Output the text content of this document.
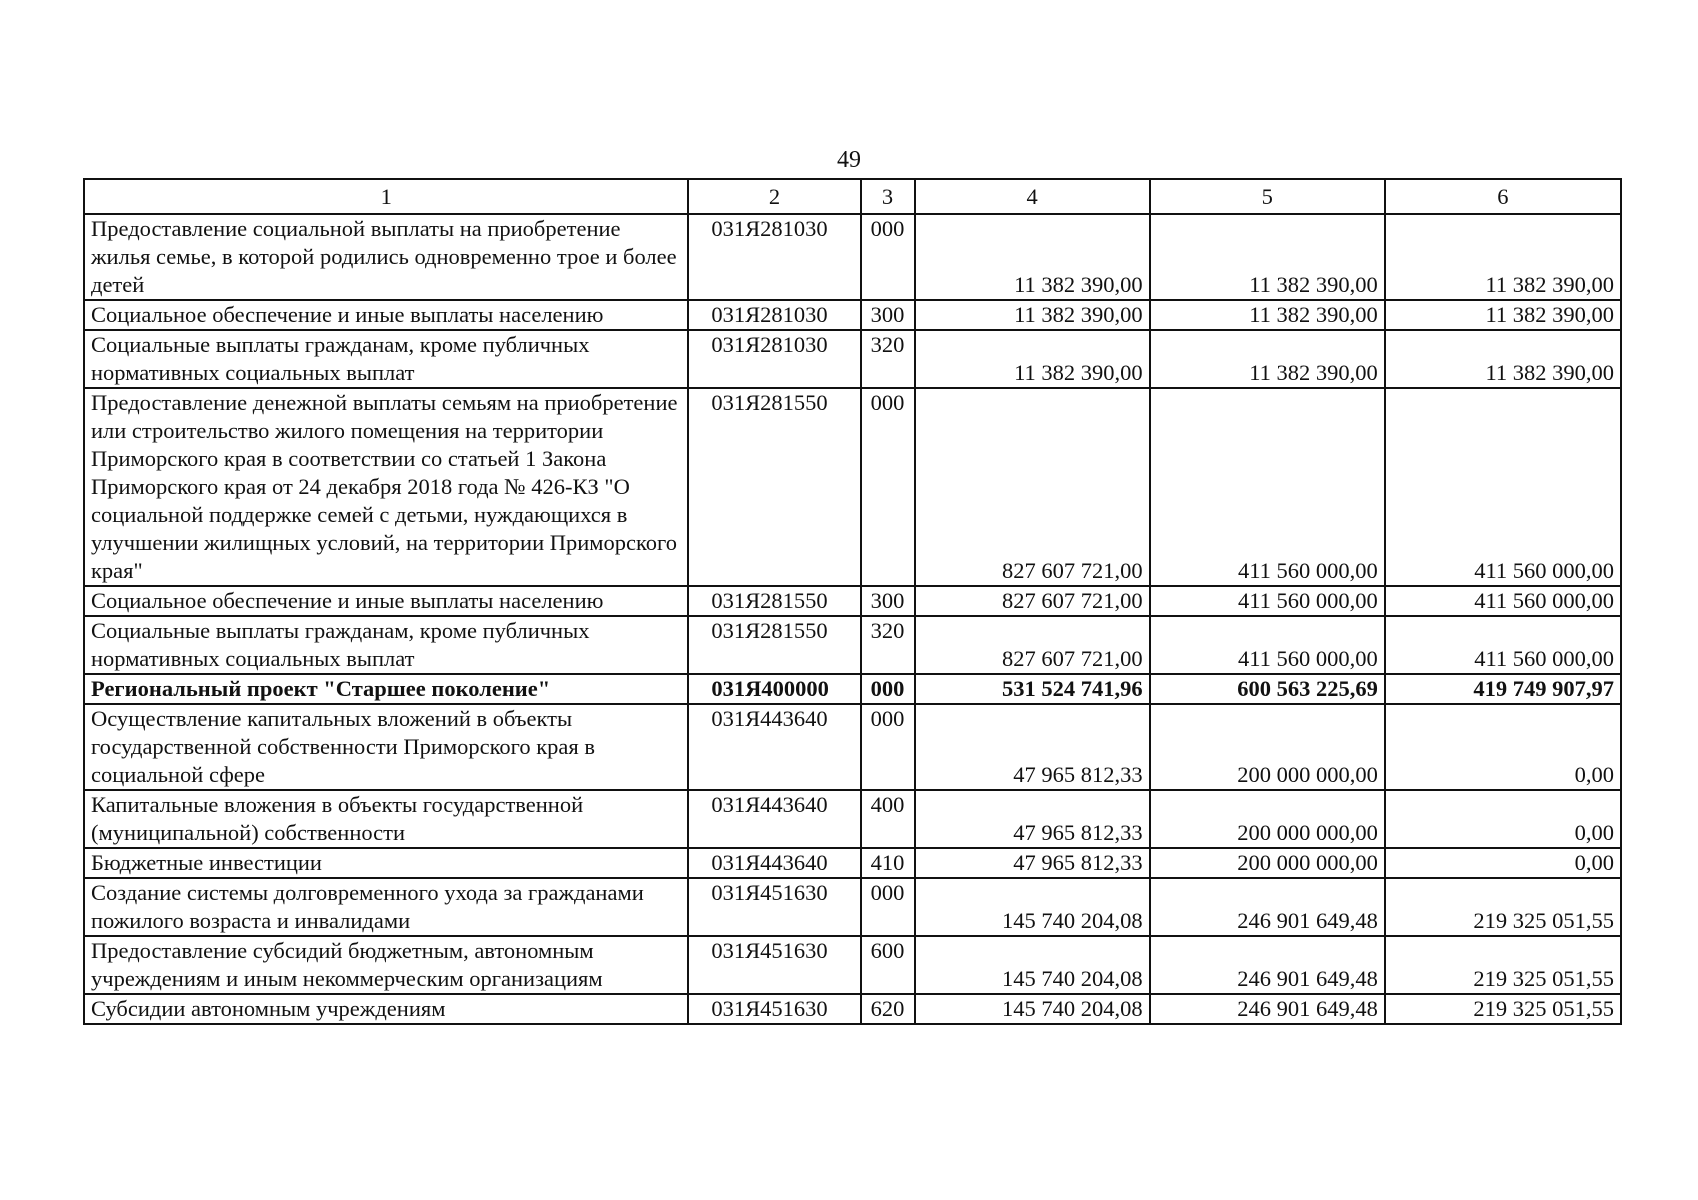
49
1	2	3	4	5	6
Предоставление социальной выплаты на приобретение жилья семье, в которой родились одновременно трое и более детей	031Я281030	000	11 382 390,00	11 382 390,00	11 382 390,00
Социальное обеспечение и иные выплаты населению	031Я281030	300	11 382 390,00	11 382 390,00	11 382 390,00
Социальные выплаты гражданам, кроме публичных нормативных социальных выплат	031Я281030	320	11 382 390,00	11 382 390,00	11 382 390,00
Предоставление денежной выплаты семьям на приобретение или строительство жилого помещения на территории Приморского края в соответствии со статьей 1 Закона Приморского края от 24 декабря 2018 года № 426-КЗ "О социальной поддержке семей с детьми, нуждающихся в улучшении жилищных условий, на территории Приморского края"	031Я281550	000	827 607 721,00	411 560 000,00	411 560 000,00
Социальное обеспечение и иные выплаты населению	031Я281550	300	827 607 721,00	411 560 000,00	411 560 000,00
Социальные выплаты гражданам, кроме публичных нормативных социальных выплат	031Я281550	320	827 607 721,00	411 560 000,00	411 560 000,00
Региональный проект "Старшее поколение"	031Я400000	000	531 524 741,96	600 563 225,69	419 749 907,97
Осуществление капитальных вложений в объекты государственной собственности Приморского края в социальной сфере	031Я443640	000	47 965 812,33	200 000 000,00	0,00
Капитальные вложения в объекты государственной (муниципальной) собственности	031Я443640	400	47 965 812,33	200 000 000,00	0,00
Бюджетные инвестиции	031Я443640	410	47 965 812,33	200 000 000,00	0,00
Создание системы долговременного ухода за гражданами пожилого возраста и инвалидами	031Я451630	000	145 740 204,08	246 901 649,48	219 325 051,55
Предоставление субсидий бюджетным, автономным учреждениям и иным некоммерческим организациям	031Я451630	600	145 740 204,08	246 901 649,48	219 325 051,55
Субсидии автономным учреждениям	031Я451630	620	145 740 204,08	246 901 649,48	219 325 051,55
